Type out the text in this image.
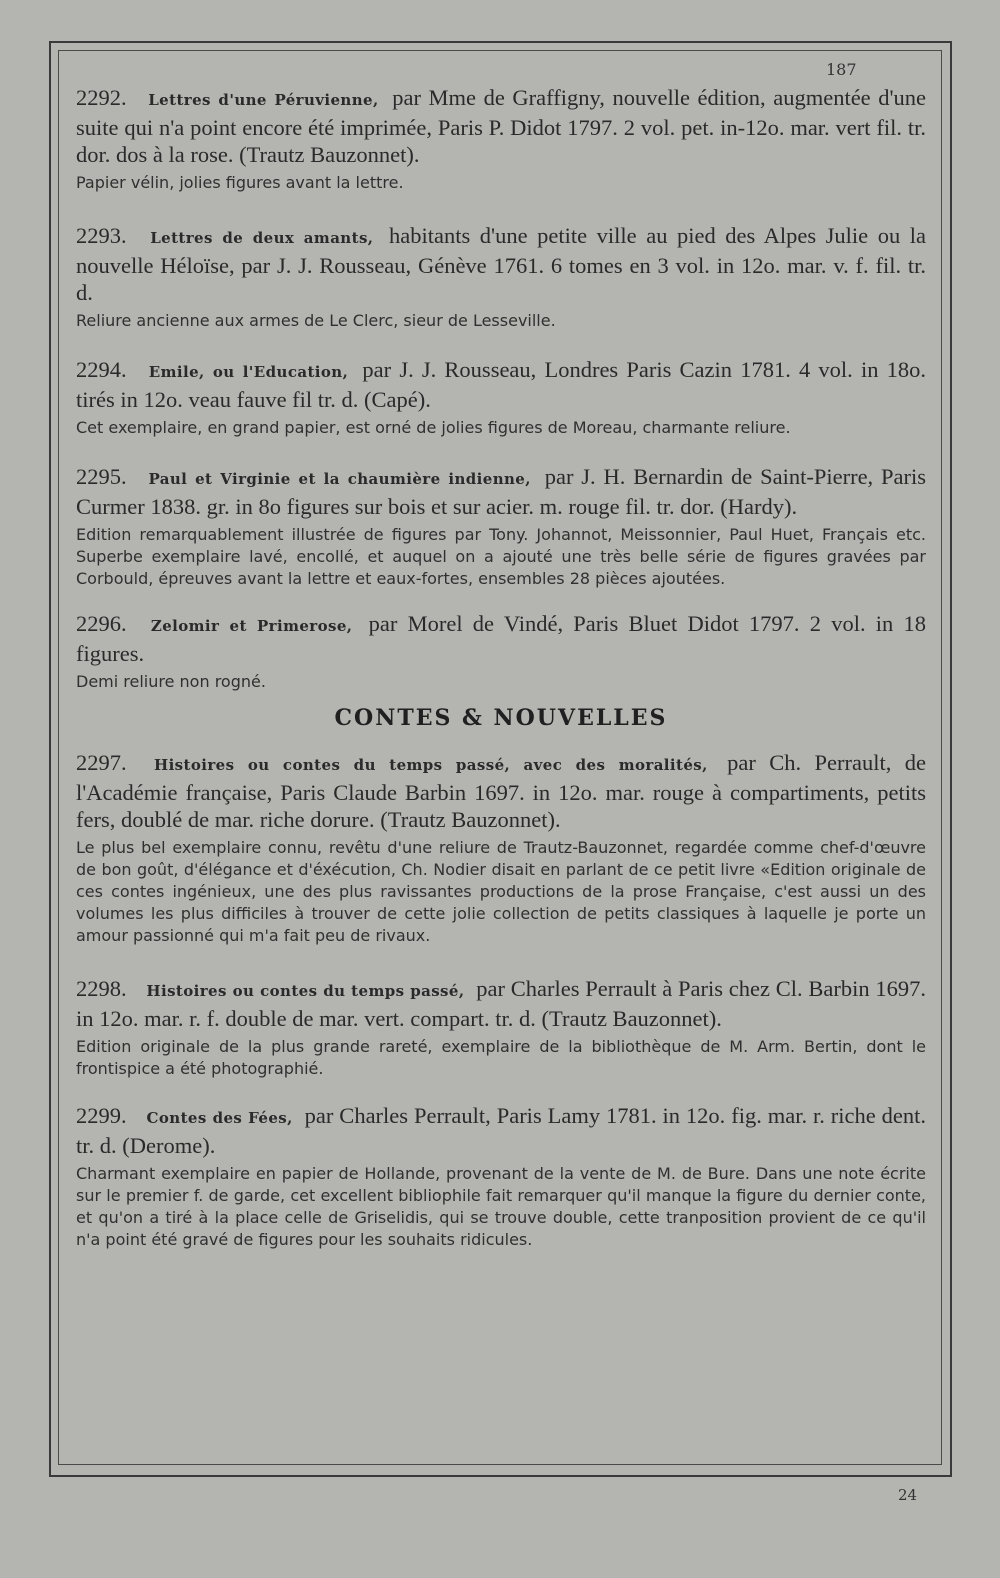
187

2292. Lettres d'une Péruvienne, par Mme de Graffigny, nouvelle édition, augmentée d'une suite qui n'a point encore été imprimée, Paris P. Didot 1797. 2 vol. pet. in-12o. mar. vert fil. tr. dor. dos à la rose. (Trautz Bauzonnet).

Papier vélin, jolies figures avant la lettre.

2293. Lettres de deux amants, habitants d'une petite ville au pied des Alpes Julie ou la nouvelle Héloïse, par J. J. Rousseau, Génève 1761. 6 tomes en 3 vol. in 12o. mar. v. f. fil. tr. d.

Reliure ancienne aux armes de Le Clerc, sieur de Lesseville.

2294. Emile, ou l'Education, par J. J. Rousseau, Londres Paris Cazin 1781. 4 vol. in 18o. tirés in 12o. veau fauve fil tr. d. (Capé).

Cet exemplaire, en grand papier, est orné de jolies figures de Moreau, charmante reliure.

2295. Paul et Virginie et la chaumière indienne, par J. H. Bernardin de Saint-Pierre, Paris Curmer 1838. gr. in 8o figures sur bois et sur acier. m. rouge fil. tr. dor. (Hardy).

Edition remarquablement illustrée de figures par Tony. Johannot, Meissonnier, Paul Huet, Français etc. Superbe exemplaire lavé, encollé, et auquel on a ajouté une très belle série de figures gravées par Corbould, épreuves avant la lettre et eaux-fortes, ensembles 28 pièces ajoutées.

2296. Zelomir et Primerose, par Morel de Vindé, Paris Bluet Didot 1797. 2 vol. in 18 figures.

Demi reliure non rogné.

CONTES & NOUVELLES

2297. Histoires ou contes du temps passé, avec des moralités, par Ch. Perrault, de l'Académie française, Paris Claude Barbin 1697. in 12o. mar. rouge à compartiments, petits fers, doublé de mar. riche dorure. (Trautz Bauzonnet).

Le plus bel exemplaire connu, revêtu d'une reliure de Trautz-Bauzonnet, regardée comme chef-d'œuvre de bon goût, d'élégance et d'éxécution, Ch. Nodier disait en parlant de ce petit livre «Edition originale de ces contes ingénieux, une des plus ravissantes productions de la prose Française, c'est aussi un des volumes les plus difficiles à trouver de cette jolie collection de petits classiques à laquelle je porte un amour passionné qui m'a fait peu de rivaux.

2298. Histoires ou contes du temps passé, par Charles Perrault à Paris chez Cl. Barbin 1697. in 12o. mar. r. f. double de mar. vert. compart. tr. d. (Trautz Bauzonnet).

Edition originale de la plus grande rareté, exemplaire de la bibliothèque de M. Arm. Bertin, dont le frontispice a été photographié.

2299. Contes des Fées, par Charles Perrault, Paris Lamy 1781. in 12o. fig. mar. r. riche dent. tr. d. (Derome).

Charmant exemplaire en papier de Hollande, provenant de la vente de M. de Bure. Dans une note écrite sur le premier f. de garde, cet excellent bibliophile fait remarquer qu'il manque la figure du dernier conte, et qu'on a tiré à la place celle de Griselidis, qui se trouve double, cette tranposition provient de ce qu'il n'a point été gravé de figures pour les souhaits ridicules.

24
